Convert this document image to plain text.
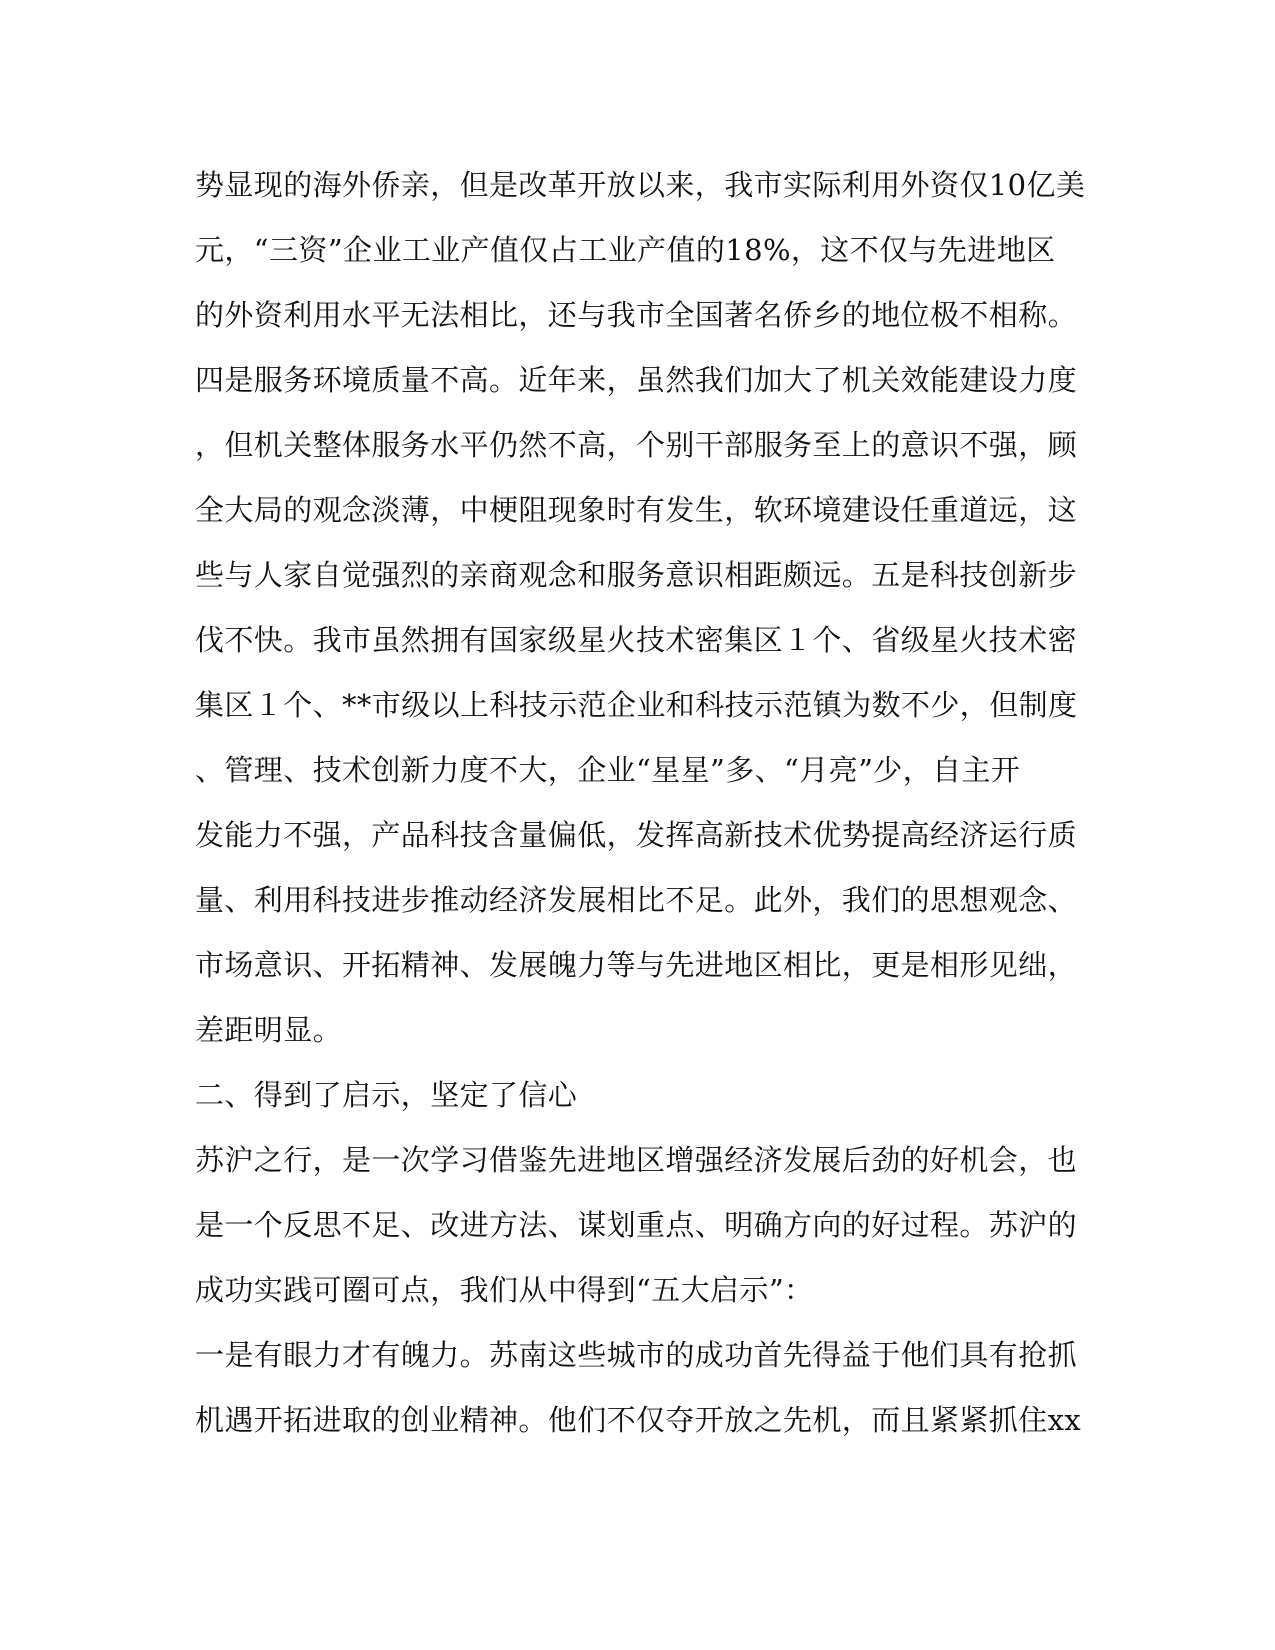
势显现的海外侨亲，但是改革开放以来，我市实际利用外资仅10亿美
元，“三资”企业工业产值仅占工业产值的18%，这不仅与先进地区
的外资利用水平无法相比，还与我市全国著名侨乡的地位极不相称。
四是服务环境质量不高。近年来，虽然我们加大了机关效能建设力度
，但机关整体服务水平仍然不高，个别干部服务至上的意识不强，顾
全大局的观念淡薄，中梗阻现象时有发生，软环境建设任重道远，这
些与人家自觉强烈的亲商观念和服务意识相距颇远。五是科技创新步
伐不快。我市虽然拥有国家级星火技术密集区１个、省级星火技术密
集区１个、**市级以上科技示范企业和科技示范镇为数不少，但制度
、管理、技术创新力度不大，企业“星星”多、“月亮”少，自主开
发能力不强，产品科技含量偏低，发挥高新技术优势提高经济运行质
量、利用科技进步推动经济发展相比不足。此外，我们的思想观念、
市场意识、开拓精神、发展魄力等与先进地区相比，更是相形见绌，
差距明显。
二、得到了启示，坚定了信心
苏沪之行，是一次学习借鉴先进地区增强经济发展后劲的好机会，也
是一个反思不足、改进方法、谋划重点、明确方向的好过程。苏沪的
成功实践可圈可点，我们从中得到“五大启示”：
一是有眼力才有魄力。苏南这些城市的成功首先得益于他们具有抢抓
机遇开拓进取的创业精神。他们不仅夺开放之先机，而且紧紧抓住xx
